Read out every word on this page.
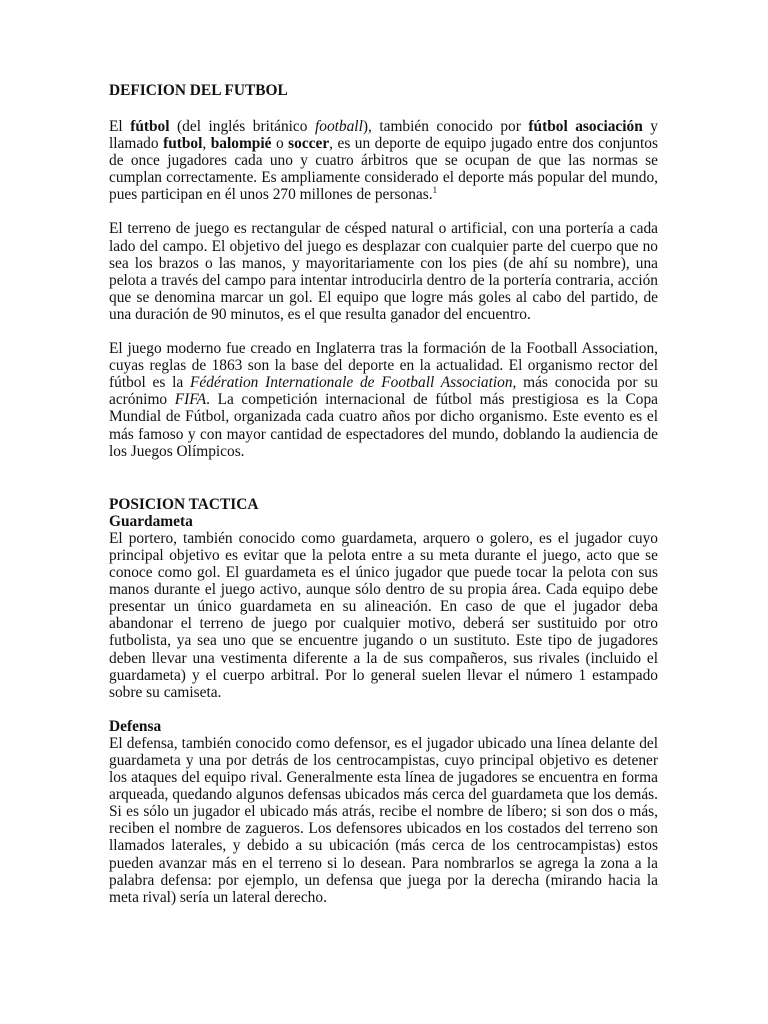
DEFICION DEL FUTBOL

El fútbol (del inglés británico football), también conocido por fútbol asociación y llamado futbol, balompié o soccer, es un deporte de equipo jugado entre dos conjuntos de once jugadores cada uno y cuatro árbitros que se ocupan de que las normas se cumplan correctamente. Es ampliamente considerado el deporte más popular del mundo, pues participan en él unos 270 millones de personas.$^1$

El terreno de juego es rectangular de césped natural o artificial, con una portería a cada lado del campo. El objetivo del juego es desplazar con cualquier parte del cuerpo que no sea los brazos o las manos, y mayoritariamente con los pies (de ahí su nombre), una pelota a través del campo para intentar introducirla dentro de la portería contraria, acción que se denomina marcar un gol. El equipo que logre más goles al cabo del partido, de una duración de 90 minutos, es el que resulta ganador del encuentro.

El juego moderno fue creado en Inglaterra tras la formación de la Football Association, cuyas reglas de 1863 son la base del deporte en la actualidad. El organismo rector del fútbol es la Fédération Internationale de Football Association, más conocida por su acrónimo FIFA. La competición internacional de fútbol más prestigiosa es la Copa Mundial de Fútbol, organizada cada cuatro años por dicho organismo. Este evento es el más famoso y con mayor cantidad de espectadores del mundo, doblando la audiencia de los Juegos Olímpicos.

POSICION TACTICA
Guardameta

El portero, también conocido como guardameta, arquero o golero, es el jugador cuyo principal objetivo es evitar que la pelota entre a su meta durante el juego, acto que se conoce como gol. El guardameta es el único jugador que puede tocar la pelota con sus manos durante el juego activo, aunque sólo dentro de su propia área. Cada equipo debe presentar un único guardameta en su alineación. En caso de que el jugador deba abandonar el terreno de juego por cualquier motivo, deberá ser sustituido por otro futbolista, ya sea uno que se encuentre jugando o un sustituto. Este tipo de jugadores deben llevar una vestimenta diferente a la de sus compañeros, sus rivales (incluido el guardameta) y el cuerpo arbitral. Por lo general suelen llevar el número 1 estampado sobre su camiseta.

Defensa

El defensa, también conocido como defensor, es el jugador ubicado una línea delante del guardameta y una por detrás de los centrocampistas, cuyo principal objetivo es detener los ataques del equipo rival. Generalmente esta línea de jugadores se encuentra en forma arqueada, quedando algunos defensas ubicados más cerca del guardameta que los demás. Si es sólo un jugador el ubicado más atrás, recibe el nombre de líbero; si son dos o más, reciben el nombre de zagueros. Los defensores ubicados en los costados del terreno son llamados laterales, y debido a su ubicación (más cerca de los centrocampistas) estos pueden avanzar más en el terreno si lo desean. Para nombrarlos se agrega la zona a la palabra defensa: por ejemplo, un defensa que juega por la derecha (mirando hacia la meta rival) sería un lateral derecho.
